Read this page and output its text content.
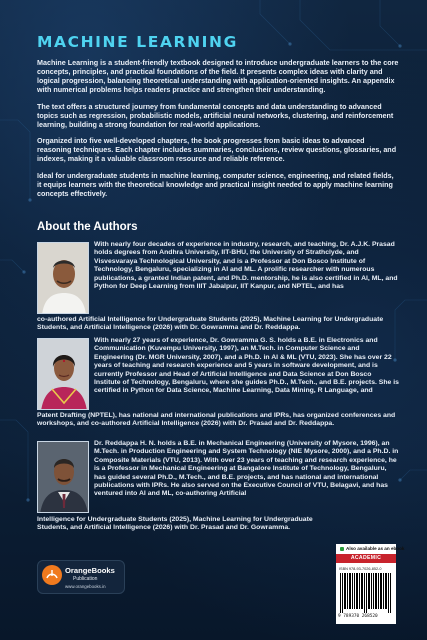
MACHINE LEARNING

Machine Learning is a student-friendly textbook designed to introduce undergraduate learners to the core concepts, principles, and practical foundations of the field. It presents complex ideas with clarity and logical progression, balancing theoretical understanding with application-oriented insights. An appendix with numerical problems helps readers practice and strengthen their understanding.

The text offers a structured journey from fundamental concepts and data understanding to advanced topics such as regression, probabilistic models, artificial neural networks, clustering, and reinforcement learning, building a strong foundation for real-world applications.

Organized into five well-developed chapters, the book progresses from basic ideas to advanced reasoning techniques. Each chapter includes summaries, conclusions, review questions, glossaries, and indexes, making it a valuable classroom resource and reliable reference.

Ideal for undergraduate students in machine learning, computer science, engineering, and related fields, it equips learners with the theoretical knowledge and practical insight needed to apply machine learning concepts effectively.

About the Authors
With nearly four decades of experience in industry, research, and teaching, Dr. A.J.K. Prasad holds degrees from Andhra University, IIT-BHU, the University of Strathclyde, and Visvesvaraya Technological University, and is a Professor at Don Bosco Institute of Technology, Bengaluru, specializing in AI and ML. A prolific researcher with numerous publications, a granted Indian patent, and Ph.D. mentorship, he is also certified in AI, ML, and Python for Deep Learning from IIIT Jabalpur, IIT Kanpur, and NPTEL, and has
co-authored Artificial Intelligence for Undergraduate Students (2025), Machine Learning for Undergraduate Students, and Artificial Intelligence (2026) with Dr. Gowramma and Dr. Reddappa.
With nearly 27 years of experience, Dr. Gowramma G. S. holds a B.E. in Electronics and Communication (Kuvempu University, 1997), an M.Tech. in Computer Science and Engineering (Dr. MGR University, 2007), and a Ph.D. in AI & ML (VTU, 2023). She has over 22 years of teaching and research experience and 5 years in software development, and is currently Professor and Head of Artificial Intelligence and Data Science at Don Bosco Institute of Technology, Bengaluru, where she guides Ph.D., M.Tech., and B.E. projects. She is certified in Python for Data Science, Machine Learning, Data Mining, R Language, and
Patent Drafting (NPTEL), has national and international publications and IPRs, has organized conferences and workshops, and co-authored Artificial Intelligence (2026) with Dr. Prasad and Dr. Reddappa.
Dr. Reddappa H. N. holds a B.E. in Mechanical Engineering (University of Mysore, 1996), an M.Tech. in Production Engineering and System Technology (NIE Mysore, 2000), and a Ph.D. in Composite Materials (VTU, 2013). With over 23 years of teaching and research experience, he is a Professor in Mechanical Engineering at Bangalore Institute of Technology, Bengaluru, has guided several Ph.D., M.Tech., and B.E. projects, and has national and international publications with IPRs. He also served on the Executive Council of VTU, Belagavi, and has ventured into AI and ML, co-authoring Artificial
Intelligence for Undergraduate Students (2025), Machine Learning for Undergraduate Students, and Artificial Intelligence (2026) with Dr. Prasad and Dr. Gowramma.
OrangeBooks
Publication
www.orangebooks.in
Also available as an ebook
ACADEMIC
ISBN 978-93-7026-852-0
9 789370 268520
